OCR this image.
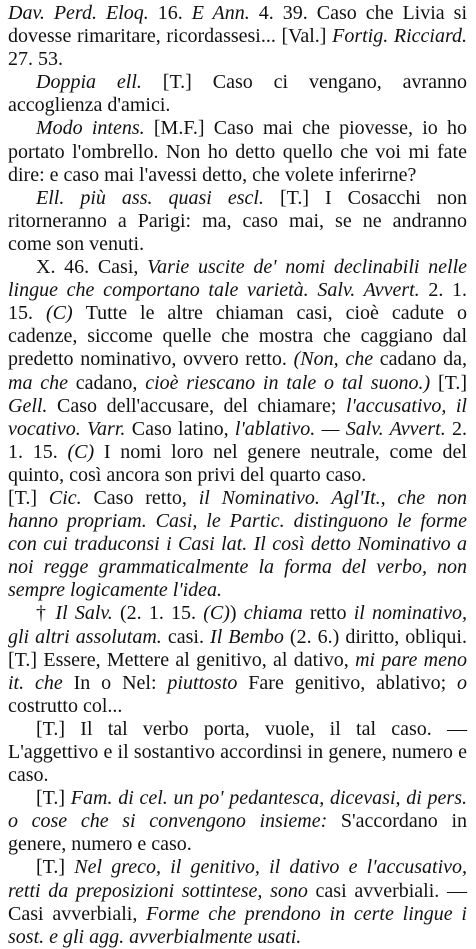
Dav. Perd. Eloq. 16. E Ann. 4. 39. Caso che Livia si dovesse rimaritare, ricordassesi... [Val.] Fortig. Ricciard. 27. 53.

Doppia ell. [T.] Caso ci vengano, avranno accoglienza d'amici.

Modo intens. [M.F.] Caso mai che piovesse, io ho portato l'ombrello. Non ho detto quello che voi mi fate dire: e caso mai l'avessi detto, che volete inferirne?

Ell. più ass. quasi escl. [T.] I Cosacchi non ritorneranno a Parigi: ma, caso mai, se ne andranno come son venuti.

X. 46. Casi, Varie uscite de' nomi declinabili nelle lingue che comportano tale varietà. Salv. Avvert. 2. 1. 15. (C) Tutte le altre chiaman casi, cioè cadute o cadenze, siccome quelle che mostra che caggiano dal predetto nominativo, ovvero retto. (Non, che cadano da, ma che cadano, cioè riescano in tale o tal suono.) [T.] Gell. Caso dell'accusare, del chiamare; l'accusativo, il vocativo. Varr. Caso latino, l'ablativo. — Salv. Avvert. 2. 1. 15. (C) I nomi loro nel genere neutrale, come del quinto, così ancora son privi del quarto caso.

[T.] Cic. Caso retto, il Nominativo. Agl'It., che non hanno propriam. Casi, le Partic. distinguono le forme con cui traduconsi i Casi lat. Il così detto Nominativo a noi regge grammaticalmente la forma del verbo, non sempre logicamente l'idea.

† Il Salv. (2. 1. 15. (C)) chiama retto il nominativo, gli altri assolutam. casi. Il Bembo (2. 6.) diritto, obliqui. [T.] Essere, Mettere al genitivo, al dativo, mi pare meno it. che In o Nel: piuttosto Fare genitivo, ablativo; o costrutto col...

[T.] Il tal verbo porta, vuole, il tal caso. — L'aggettivo e il sostantivo accordinsi in genere, numero e caso.

[T.] Fam. di cel. un po' pedantesca, dicevasi, di pers. o cose che si convengono insieme: S'accordano in genere, numero e caso.

[T.] Nel greco, il genitivo, il dativo e l'accusativo, retti da preposizioni sottintese, sono casi avverbiali. — Casi avverbiali, Forme che prendono in certe lingue i sost. e gli agg. avverbialmente usati.
